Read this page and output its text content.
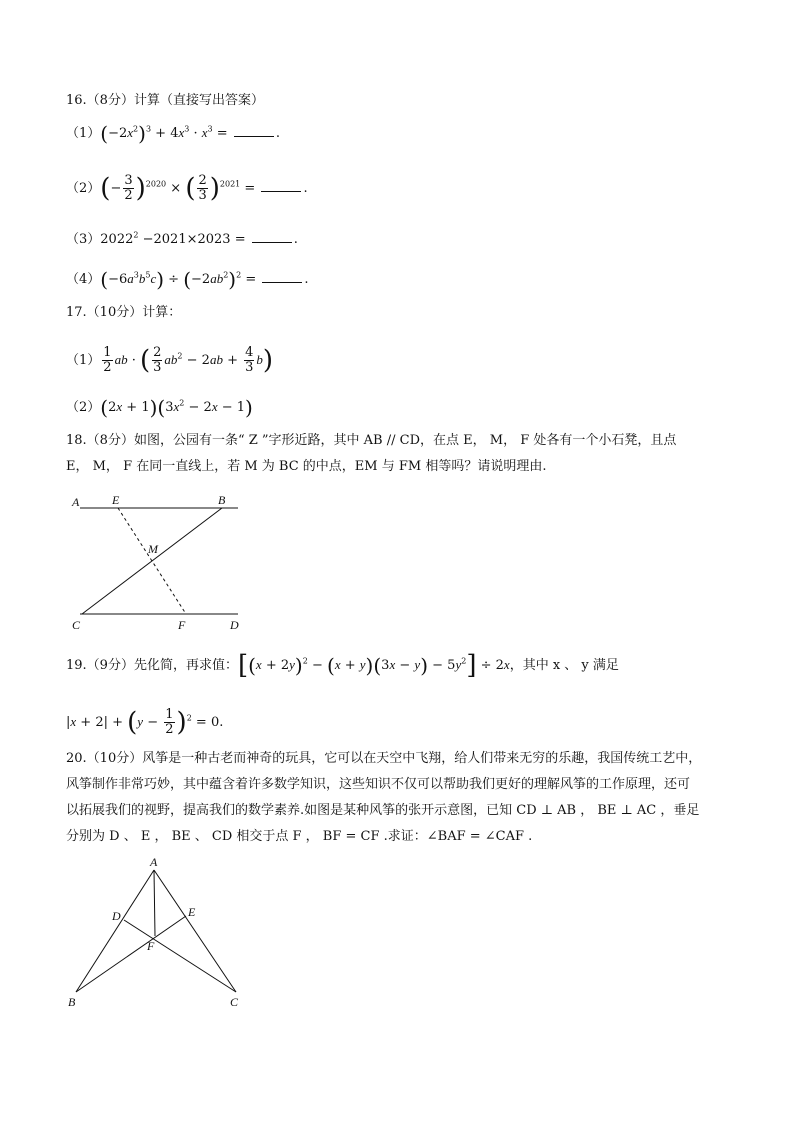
16.（8分）计算（直接写出答案）
$(1)(-2x^2)^3 + 4x^3 \cdot x^3$ =	.
$(2)(- \frac{3}{2} )^{2020}$ × ( $\frac{2}{3} )^{2021}$ =	.
$(3)2022^2 -2021\times 2023$ =	.
$(4)(-6a^3b^5c) \div (-2ab^2)^2$ =	.
17.（10分）计算：
$(1) \frac{1}{2}$ ab · ( $\frac{2}{3} ab^2 - 2ab + \frac{4}{3} b$)
$(2)(2x + 1)(3x^2 - 2x - 1)$
18.（8分）如图，公园有一条“ Z ”字形近路，其中 AB // CD，在点 E， M， F 处各有一个小石凳，且点
E， M， F 在同一直线上，若 M 为 BC 的中点，EM 与 FM 相等吗？请说明理由.
A	E	B
M
C	F	D
19.（9分）先化简，再求值：$[(x + 2y)^2 - (x + y)(3x - y) - 5y^2] \div 2x$，其中 x 、 y 满足
$|x + 2| + (y - \frac{1}{2} )^2 = 0$.
20.（10分）风筝是一种古老而神奇的玩具，它可以在天空中飞翔，给人们带来无穷的乐趣，我国传统工艺中，
风筝制作非常巧妙，其中蕴含着许多数学知识，这些知识不仅可以帮助我们更好的理解风筝的工作原理，还可
以拓展我们的视野，提高我们的数学素养.如图是某种风筝的张开示意图，已知 CD ⊥ AB ， BE ⊥ AC ，垂足
分别为 D 、 E ， BE 、 CD 相交于点 F ， BF = CF .求证：∠BAF = ∠CAF .
A
D	E
F
B	C
